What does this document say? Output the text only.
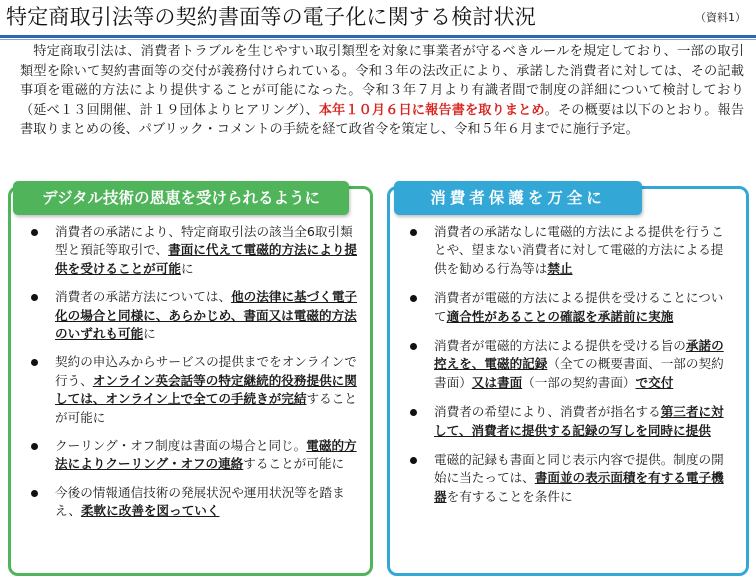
特定商取引法等の契約書面等の電子化に関する検討状況	（資料1）

特定商取引法は、消費者トラブルを生じやすい取引類型を対象に事業者が守るべきルールを規定しており、一部の取引類型を除いて契約書面等の交付が義務付けられている。令和３年の法改正により、承諾した消費者に対しては、その記載事項を電磁的方法により提供することが可能になった。令和３年７月より有識者間で制度の詳細について検討しており（延べ１３回開催、計１９団体よりヒアリング）、本年１０月６日に報告書を取りまとめ。その概要は以下のとおり。報告書取りまとめの後、パブリック・コメントの手続を経て政省令を策定し、令和５年６月までに施行予定。

デジタル技術の恩恵を受けられるように
消費者の承諾により、特定商取引法の該当全6取引類型と預託等取引で、書面に代えて電磁的方法により提供を受けることが可能に
消費者の承諾方法については、他の法律に基づく電子化の場合と同様に、あらかじめ、書面又は電磁的方法のいずれも可能に
契約の申込みからサービスの提供までをオンラインで行う、オンライン英会話等の特定継続的役務提供に関しては、オンライン上で全ての手続きが完結することが可能に
クーリング・オフ制度は書面の場合と同じ。電磁的方法によりクーリング・オフの連絡することが可能に
今後の情報通信技術の発展状況や運用状況等を踏まえ、柔軟に改善を図っていく
消費者保護を万全に
消費者の承諾なしに電磁的方法による提供を行うことや、望まない消費者に対して電磁的方法による提供を勧める行為等は禁止
消費者が電磁的方法による提供を受けることについて適合性があることの確認を承諾前に実施
消費者が電磁的方法による提供を受ける旨の承諾の控えを、電磁的記録（全ての概要書面、一部の契約書面）又は書面（一部の契約書面）で交付
消費者の希望により、消費者が指名する第三者に対して、消費者に提供する記録の写しを同時に提供
電磁的記録も書面と同じ表示内容で提供。制度の開始に当たっては、書面並の表示面積を有する電子機器を有することを条件に
